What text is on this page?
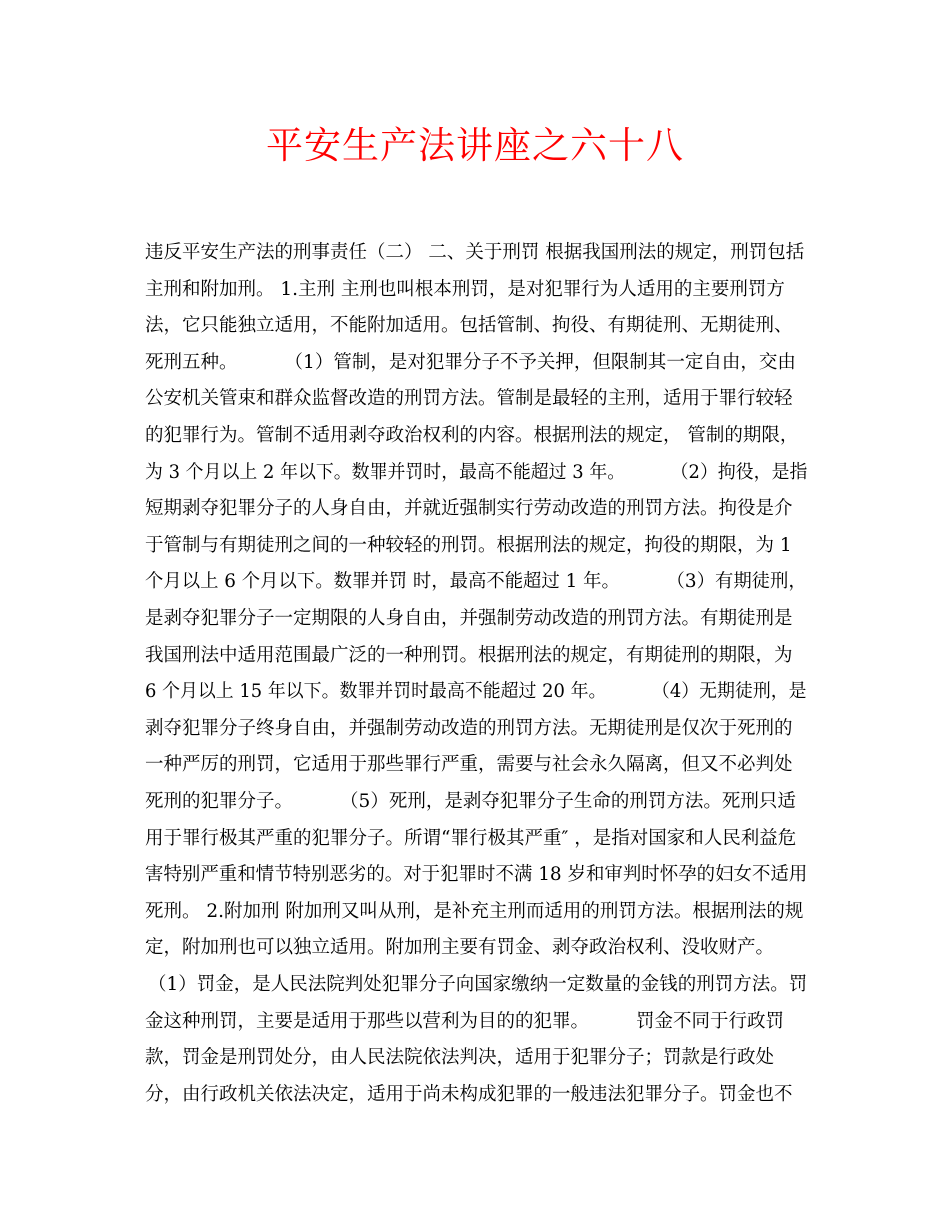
平安生产法讲座之六十八
违反平安生产法的刑事责任（二） 二、关于刑罚 根据我国刑法的规定，刑罚包括
主刑和附加刑。 1.主刑 主刑也叫根本刑罚，是对犯罪行为人适用的主要刑罚方
法，它只能独立适用，不能附加适用。包括管制、拘役、有期徒刑、无期徒刑、
死刑五种。        （1）管制，是对犯罪分子不予关押，但限制其一定自由，交由
公安机关管束和群众监督改造的刑罚方法。管制是最轻的主刑，适用于罪行较轻
的犯罪行为。管制不适用剥夺政治权利的内容。根据刑法的规定， 管制的期限，
为 3 个月以上 2 年以下。数罪并罚时，最高不能超过 3 年。        （2）拘役，是指
短期剥夺犯罪分子的人身自由，并就近强制实行劳动改造的刑罚方法。拘役是介
于管制与有期徒刑之间的一种较轻的刑罚。根据刑法的规定，拘役的期限，为 1
个月以上 6 个月以下。数罪并罚 时，最高不能超过 1 年。        （3）有期徒刑，
是剥夺犯罪分子一定期限的人身自由，并强制劳动改造的刑罚方法。有期徒刑是
我国刑法中适用范围最广泛的一种刑罚。根据刑法的规定，有期徒刑的期限，为
6 个月以上 15 年以下。数罪并罚时最高不能超过 20 年。        （4）无期徒刑，是
剥夺犯罪分子终身自由，并强制劳动改造的刑罚方法。无期徒刑是仅次于死刑的
一种严厉的刑罚，它适用于那些罪行严重，需要与社会永久隔离，但又不必判处
死刑的犯罪分子。        （5）死刑，是剥夺犯罪分子生命的刑罚方法。死刑只适
用于罪行极其严重的犯罪分子。所谓“罪行极其严重″ ，是指对国家和人民利益危
害特别严重和情节特别恶劣的。对于犯罪时不满 18 岁和审判时怀孕的妇女不适用
死刑。 2.附加刑 附加刑又叫从刑，是补充主刑而适用的刑罚方法。根据刑法的规
定，附加刑也可以独立适用。附加刑主要有罚金、剥夺政治权利、没收财产。
（1）罚金，是人民法院判处犯罪分子向国家缴纳一定数量的金钱的刑罚方法。罚
金这种刑罚，主要是适用于那些以营利为目的的犯罪。        罚金不同于行政罚
款，罚金是刑罚处分，由人民法院依法判决，适用于犯罪分子；罚款是行政处
分，由行政机关依法决定，适用于尚未构成犯罪的一般违法犯罪分子。罚金也不
